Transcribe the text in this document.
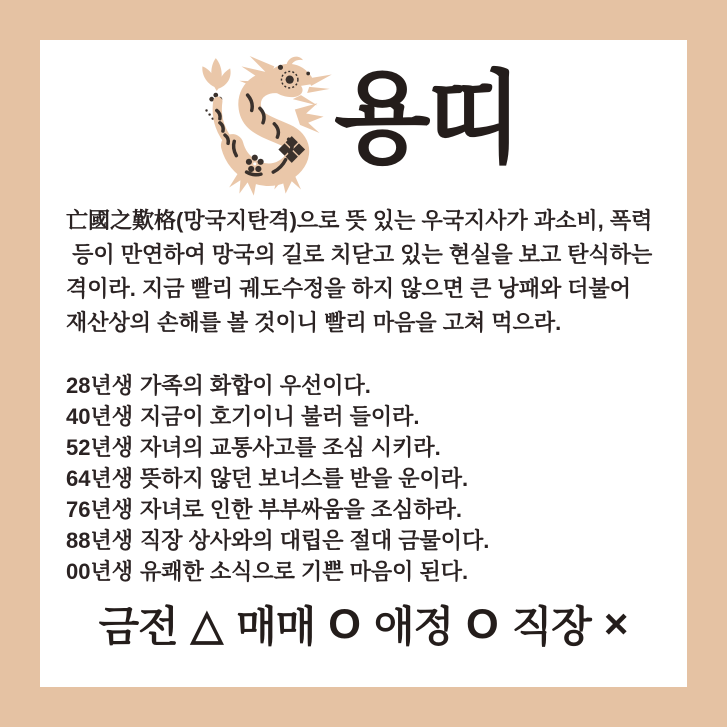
용띠
亡國之歎格(망국지탄격)으로 뜻 있는 우국지사가 과소비, 폭력
등이 만연하여 망국의 길로 치닫고 있는 현실을 보고 탄식하는
격이라. 지금 빨리 궤도수정을 하지 않으면 큰 낭패와 더불어
재산상의 손해를 볼 것이니 빨리 마음을 고쳐 먹으라.
28년생 가족의 화합이 우선이다.
40년생 지금이 호기이니 불러 들이라.
52년생 자녀의 교통사고를 조심 시키라.
64년생 뜻하지 않던 보너스를 받을 운이라.
76년생 자녀로 인한 부부싸움을 조심하라.
88년생 직장 상사와의 대립은 절대 금물이다.
00년생 유쾌한 소식으로 기쁜 마음이 된다.
금전 △ 매매 O 애정 O 직장 ×
